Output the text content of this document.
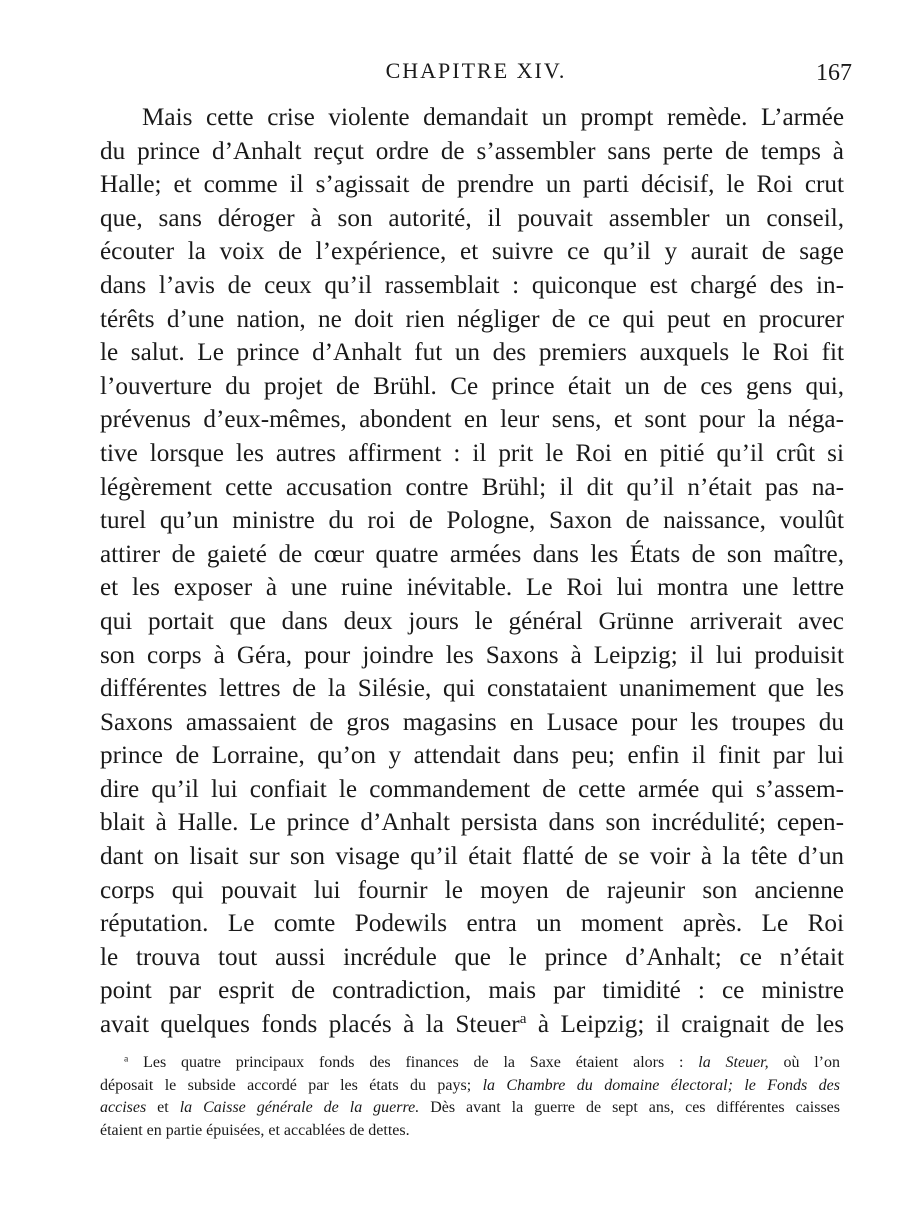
CHAPITRE XIV.	167
Mais cette crise violente demandait un prompt remède. L’armée
du prince d’Anhalt reçut ordre de s’assembler sans perte de temps à
Halle; et comme il s’agissait de prendre un parti décisif, le Roi crut
que, sans déroger à son autorité, il pouvait assembler un conseil,
écouter la voix de l’expérience, et suivre ce qu’il y aurait de sage
dans l’avis de ceux qu’il rassemblait : quiconque est chargé des in-
térêts d’une nation, ne doit rien négliger de ce qui peut en procurer
le salut. Le prince d’Anhalt fut un des premiers auxquels le Roi fit
l’ouverture du projet de Brühl. Ce prince était un de ces gens qui,
prévenus d’eux-mêmes, abondent en leur sens, et sont pour la néga-
tive lorsque les autres affirment : il prit le Roi en pitié qu’il crût si
légèrement cette accusation contre Brühl; il dit qu’il n’était pas na-
turel qu’un ministre du roi de Pologne, Saxon de naissance, voulût
attirer de gaieté de cœur quatre armées dans les États de son maître,
et les exposer à une ruine inévitable. Le Roi lui montra une lettre
qui portait que dans deux jours le général Grünne arriverait avec
son corps à Géra, pour joindre les Saxons à Leipzig; il lui produisit
différentes lettres de la Silésie, qui constataient unanimement que les
Saxons amassaient de gros magasins en Lusace pour les troupes du
prince de Lorraine, qu’on y attendait dans peu; enfin il finit par lui
dire qu’il lui confiait le commandement de cette armée qui s’assem-
blait à Halle. Le prince d’Anhalt persista dans son incrédulité; cepen-
dant on lisait sur son visage qu’il était flatté de se voir à la tête d’un
corps qui pouvait lui fournir le moyen de rajeunir son ancienne
réputation. Le comte Podewils entra un moment après. Le Roi
le trouva tout aussi incrédule que le prince d’Anhalt; ce n’était
point par esprit de contradiction, mais par timidité : ce ministre
avait quelques fonds placés à la Steuer$^a$ à Leipzig; il craignait de les
$^a$ Les quatre principaux fonds des finances de la Saxe étaient alors : la Steuer, où l’on
déposait le subside accordé par les états du pays; la Chambre du domaine électoral; le Fonds des
accises et la Caisse générale de la guerre. Dès avant la guerre de sept ans, ces différentes caisses
étaient en partie épuisées, et accablées de dettes.
